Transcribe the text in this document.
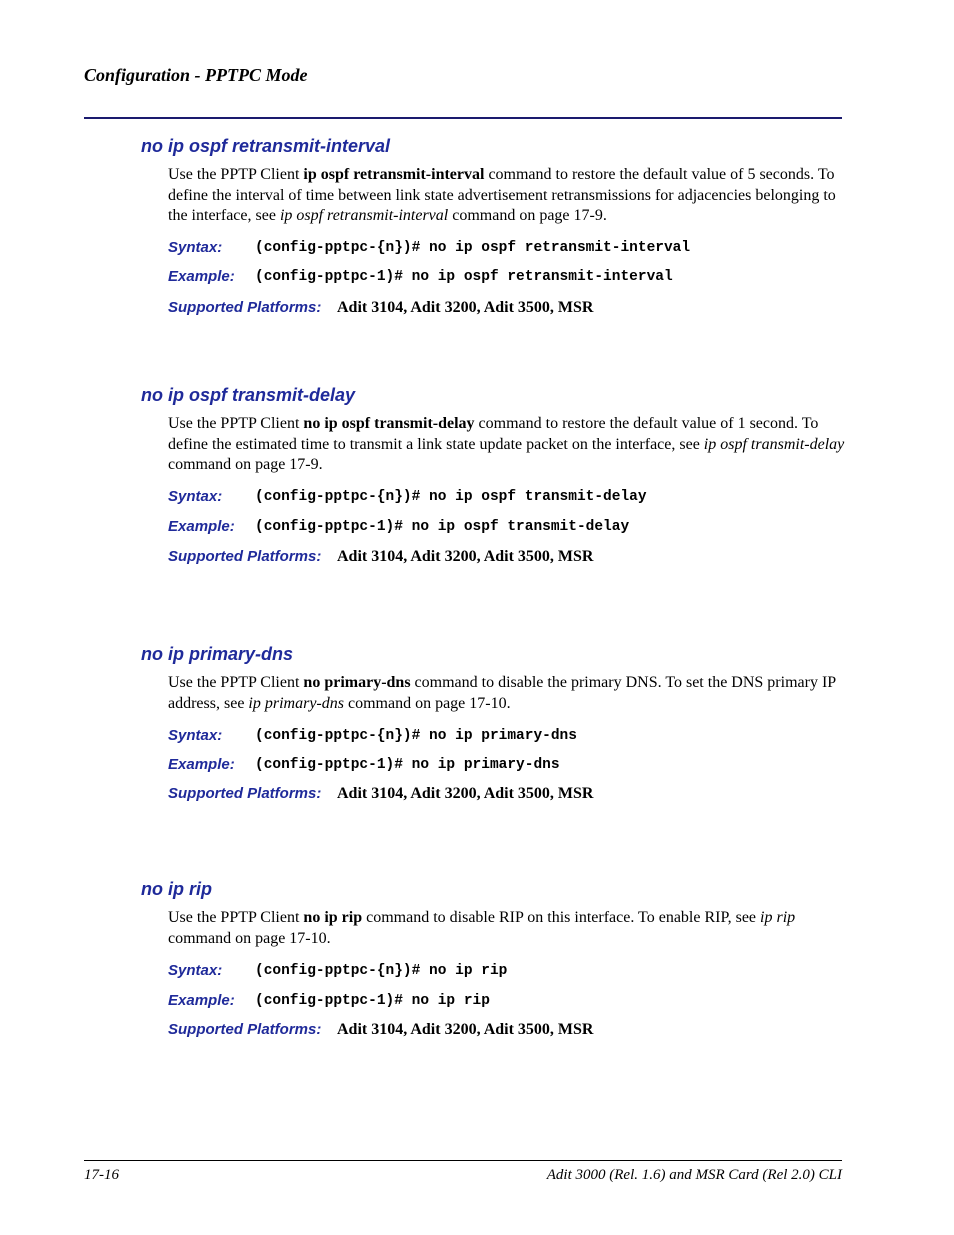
Configuration - PPTPC Mode
no ip ospf retransmit-interval
Use the PPTP Client ip ospf retransmit-interval command to restore the default value of 5 seconds. To define the interval of time between link state advertisement retransmissions for adjacencies belonging to the interface, see ip ospf retransmit-interval command on page 17-9.
Syntax: (config-pptpc-{n})# no ip ospf retransmit-interval
Example: (config-pptpc-1)# no ip ospf retransmit-interval
Supported Platforms: Adit 3104, Adit 3200, Adit 3500, MSR
no ip ospf transmit-delay
Use the PPTP Client no ip ospf transmit-delay command to restore the default value of 1 second. To define the estimated time to transmit a link state update packet on the interface, see ip ospf transmit-delay command on page 17-9.
Syntax: (config-pptpc-{n})# no ip ospf transmit-delay
Example: (config-pptpc-1)# no ip ospf transmit-delay
Supported Platforms: Adit 3104, Adit 3200, Adit 3500, MSR
no ip primary-dns
Use the PPTP Client no primary-dns command to disable the primary DNS. To set the DNS primary IP address, see ip primary-dns command on page 17-10.
Syntax: (config-pptpc-{n})# no ip primary-dns
Example: (config-pptpc-1)# no ip primary-dns
Supported Platforms: Adit 3104, Adit 3200, Adit 3500, MSR
no ip rip
Use the PPTP Client no ip rip command to disable RIP on this interface. To enable RIP, see ip rip command on page 17-10.
Syntax: (config-pptpc-{n})# no ip rip
Example: (config-pptpc-1)# no ip rip
Supported Platforms: Adit 3104, Adit 3200, Adit 3500, MSR
17-16	Adit 3000 (Rel. 1.6) and MSR Card (Rel 2.0) CLI
